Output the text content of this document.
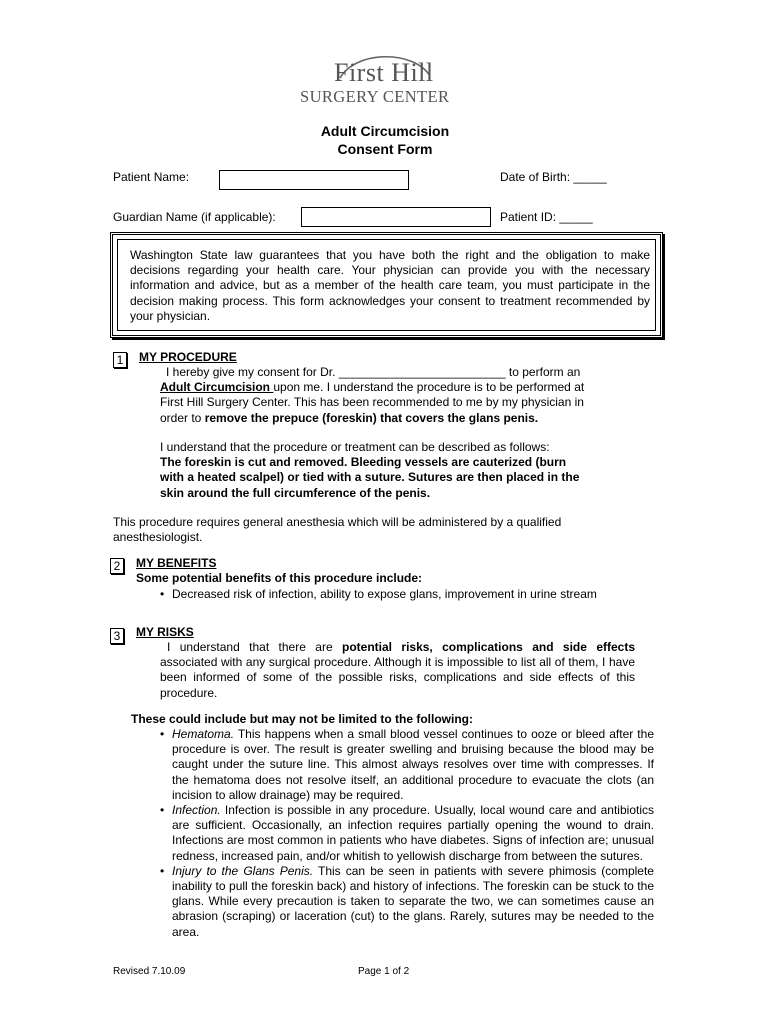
First Hill
SURGERY CENTER
Adult Circumcision
Consent Form
Patient Name:	Date of Birth: _____
Guardian Name (if applicable):	Patient ID: _____
Washington State law guarantees that you have both the right and the obligation to make decisions regarding your health care. Your physician can provide you with the necessary information and advice, but as a member of the health care team, you must participate in the decision making process. This form acknowledges your consent to treatment recommended by your physician.
1	MY PROCEDURE
I hereby give my consent for Dr. _________________________ to perform an
Adult Circumcision upon me. I understand the procedure is to be performed at
First Hill Surgery Center. This has been recommended to me by my physician in
order to remove the prepuce (foreskin) that covers the glans penis.
I understand that the procedure or treatment can be described as follows:
The foreskin is cut and removed. Bleeding vessels are cauterized (burn
with a heated scalpel) or tied with a suture. Sutures are then placed in the
skin around the full circumference of the penis.
This procedure requires general anesthesia which will be administered by a qualified
anesthesiologist.
2	MY BENEFITS
Some potential benefits of this procedure include:
• Decreased risk of infection, ability to expose glans, improvement in urine stream
3	MY RISKS
I understand that there are potential risks, complications and side effects associated with any surgical procedure. Although it is impossible to list all of them, I have been informed of some of the possible risks, complications and side effects of this procedure.
These could include but may not be limited to the following:
• Hematoma. This happens when a small blood vessel continues to ooze or bleed after the procedure is over. The result is greater swelling and bruising because the blood may be caught under the suture line. This almost always resolves over time with compresses. If the hematoma does not resolve itself, an additional procedure to evacuate the clots (an incision to allow drainage) may be required.
• Infection. Infection is possible in any procedure. Usually, local wound care and antibiotics are sufficient. Occasionally, an infection requires partially opening the wound to drain. Infections are most common in patients who have diabetes. Signs of infection are; unusual redness, increased pain, and/or whitish to yellowish discharge from between the sutures.
• Injury to the Glans Penis. This can be seen in patients with severe phimosis (complete inability to pull the foreskin back) and history of infections. The foreskin can be stuck to the glans. While every precaution is taken to separate the two, we can sometimes cause an abrasion (scraping) or laceration (cut) to the glans. Rarely, sutures may be needed to the area.
Revised 7.10.09	Page 1 of 2
